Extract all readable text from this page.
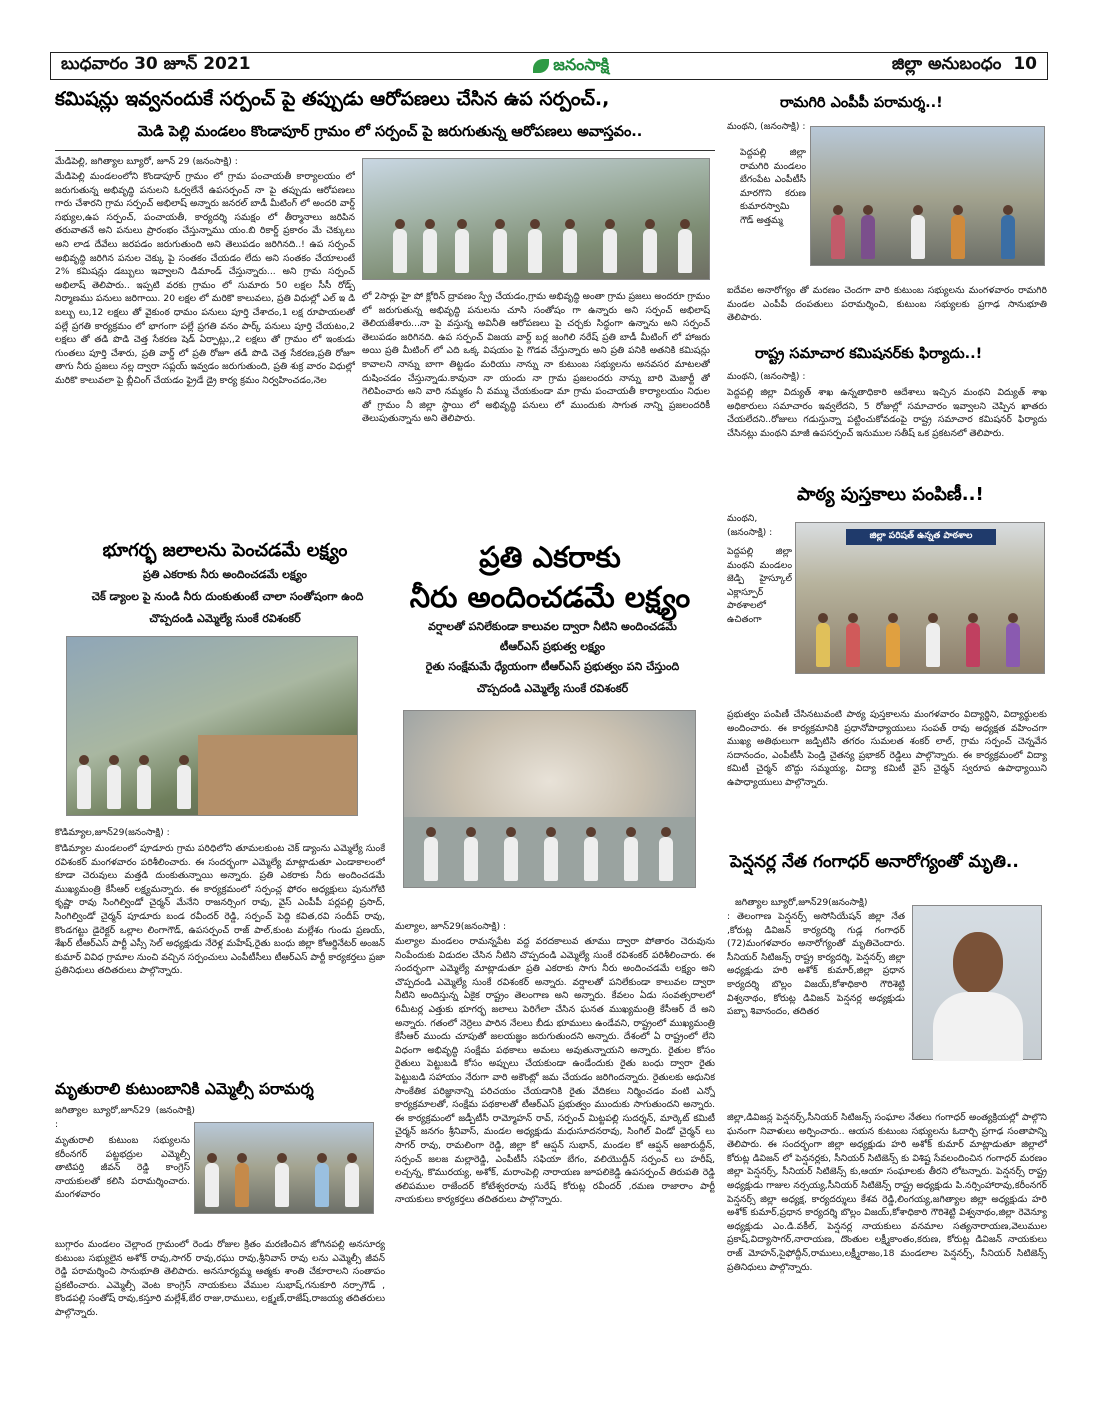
బుధవారం 30 జూన్ 2021	జనంసాక్షి	జిల్లా అనుబంధం 10
కమిషన్లు ఇవ్వనందుకే సర్పంచ్ పై తప్పుడు ఆరోపణలు చేసిన ఉప సర్పంచ్.,
మెడి పెల్లి మండలం కొండాపూర్ గ్రామం లో సర్పంచ్ పై జరుగుతున్న ఆరోపణలు అవాస్తవం..
మేడిపెల్లి, జగిత్యాల బ్యూరో, జూన్ 29 (జనంసాక్షి) :
మేడిపెల్లి మండలంలోని కొండాపూర్ గ్రామం లో గ్రామ పంచాయతీ కార్యాలయం లో జరుగుతున్న అభివృద్ధి పనులని ఓర్వలేనే ఉపసర్పంచ్ నా పై తప్పుడు ఆరోపణలు గారు చేశారని గ్రామ సర్పంచ్ అభిలాష్ అన్నారు జనరల్ బాడీ మీటింగ్ లో అందరి వార్డ్ సభ్యుల,ఉప సర్పంచ్, పంచాయతీ, కార్యదర్శి సమక్షం లో తీర్మానాలు జరిపిన తరువాతనే అని పనులు ప్రారంభం చేస్తున్నాము యం.బి రికార్డ్ ప్రకారం మే చెక్కులు అని లాడ దేవేలు జరపడం జరుగుతుంది అని తెలుపడం జరిగినది..! ఉప సర్పంచ్ అభివృద్ధి జరిగిన పనుల చెక్కు పై సంతకం చేయడం లేదు అని సంతకం చేయాలంటే 2% కమిషన్లు డబ్బులు ఇవ్వాలని డిమాండ్ చేస్తున్నారు... అని గ్రామ సర్పంచ్ అభిలాష్ తెలిపారు.. ఇప్పటి వరకు గ్రామం లో సుమారు 50 లక్షల సీసీ రోడ్స్ నిర్మాణము పనులు జరిగాయి. 20 లక్షల లో మరికొ కాలువలు, ప్రతి విధుల్లో ఎల్ ఇ డి బల్బు లు,12 లక్షలు తో వైకుంఠ ధామం పనులు పూర్తి చేశాదం,1 లక్ష రూపాయలతో పల్లే ప్రగతి కార్యక్రమం లో భాగంగా పల్లే ప్రగతి వనం పార్క్ పనులు పూర్తి చేయటం,2 లక్షలు తో తడి పొడి చెత్త సేకరణ షెడ్ ఏర్పాట్లు,,2 లక్షలు తో గ్రామం లో ఇంకుడు గుంతలు పూర్తి చేశారు, ప్రతి వార్డ్ లో ప్రతి రోజూ తడీ పొడి చెత్త సేకరణ,ప్రతి రోజూ తాగు నీరు ప్రజలు నల్ల ద్వారా సప్లయ్ ఇవ్వడం జరుగుతుంది, ప్రతి శుక్ర వారం విధుల్లో మరికొ కాలువలా పై బ్లీచింగ్ చేయడం ఫ్రైడే డ్రై కార్య క్రమం నిర్వహించడం,నెల
లో 2సార్లు హై పో క్లోరిన్ ద్రావణం స్ప్రే చేయడం,గ్రామ అభివృద్ధి అంతా గ్రామ ప్రజలు అందరూ గ్రామం లో జరుగుతున్న అభివృద్ధి పనులను చూసి సంతోషం గా ఉన్నారు అని సర్పంచ్ అభిలాష్ తెలియజేశారు...నా పై వస్తున్న అవినీతి ఆరోపణలు పై చర్చకు సిద్ధంగా ఉన్నాను అని సర్పంచ్ తెలుపడం జరిగినది. ఉప సర్పంచ్ విజయ వార్ద్ బర్ల జంగిలి నరేష్ ప్రతి బాడీ మీటింగ్ లో హాజరు అయి ప్రతి మీటింగ్ లో ఎది ఒక్క విషయం పై గొడవ చేస్తున్నారు అని ప్రతి పనికి అతనికి కమిషన్లు కావాలని నాన్ను బాగా తిట్టడం మరియు నాన్ను నా కుటుంబ సభ్యులను అనవసర మాటలతో దుషించడం చేస్తున్నాడు.కావునా నా యందు నా గ్రామ ప్రజలందరు నాన్ను బారి మెజార్టీ తో గెలిపించారు అని వారి నమ్మకం నీ వమ్ము చేయకుండా మా గ్రామ పంచాయతీ కార్యాలయం నిధుల తో గ్రామం నీ జిల్లా స్థాయి లో అభివృద్ధి పనులు లో ముందుకు సాగుత నాన్ని ప్రజలందరికీ తెలుపుతున్నాను అని తెలిపారు.
రామగిరి ఎంపీపీ పరామర్శ..!
మంథని, (జనంసాక్షి) :
పెద్దపల్లి జిల్లా రామగిరి మండలం బేగంపేట ఎంపీటీసీ మారగొని కరుణ కుమారస్వామి గౌడ్ అత్తమ్మ
ఐదేవల అనారోగ్యం తో మరణం చెందగా వారి కుటుంబ సభ్యులను మంగళవారం రామగిరి మండల ఎంపీపీ దంపతులు పరామర్శించి, కుటుంబ సభ్యులకు ప్రగాఢ సానుభూతి తెలిపారు.
రాష్ట్ర సమాచార కమిషనర్‌కు ఫిర్యాదు..!
మంథని, (జనంసాక్షి) :
పెద్దపల్లి జిల్లా విద్యుత్ శాఖ ఉన్నతాధికారి ఆదేశాలు ఇచ్చిన మంథని విద్యుత్ శాఖ అధికారులు సమాచారం ఇవ్వలేదని, 5 రోజుల్లో సమాచారం ఇవ్వాలని చెప్పిన ఖాతరు చేయలేదని..రోజులు గడుస్తున్నా పట్టించుకోవడంపై రాష్ట్ర సమాచార కమిషనర్ ఫిర్యాదు చేసినట్లు మంథని మాజీ ఉపసర్పంచ్ ఇనుముల సతీష్ ఒక ప్రకటనలో తెలిపారు.
పాఠ్య పుస్తకాలు పంపిణీ..!
మంథని, (జనంసాక్షి) :
పెద్దపల్లి జిల్లా మంథని మండలం జెడ్పి హైస్కూల్ ఎక్లాస్పూర్ పాఠశాలలో ఉచితంగా
జిల్లా పరిషత్ ఉన్నత పాఠశాల
ప్రభుత్వం పంపిణీ చేసినటువంటి పాఠ్య పుస్తకాలను మంగళవారం విద్యార్థిని, విద్యార్థులకు అందించారు. ఈ కార్యక్రమానికి ప్రధానోపాధ్యాయులు సంపత్ రావు అధ్యక్షత వహించగా ముఖ్య అతిథులుగా జడ్పిటిసి తగరం సుమలత శంకర్ లాల్, గ్రామ సర్పంచ్ చెన్నవేన సదానందం, ఎంపీటీసీ పెండ్రి చైతన్య ప్రభాకర్ రెడ్డిలు పాల్గొన్నారు. ఈ కార్యక్రమంలో విద్యా కమిటీ చైర్మన్ బొద్దు సమ్మయ్య, విద్యా కమిటీ వైస్ చైర్మన్ స్వరూప ఉపాధ్యాయిని ఉపాధ్యాయులు పాల్గొన్నారు.
భూగర్భ జలాలను పెంచడమే లక్ష్యం
ప్రతి ఎకరాకు నీరు అందించడమే లక్ష్యం
చెక్ డ్యాంల పై నుండి నీరు దుంకుతుంటే చాలా సంతోషంగా ఉంది
చొప్పదండి ఎమ్మెల్యే సుంకే రవిశంకర్
కొడిమ్యాల,జూన్29(జనంసాక్షి) :
కొడిమ్యాల మండలంలో పూడూరు గ్రామ పరిధిలోని తూమలకుంట చెక్ డ్యాంను ఎమ్మెల్యే సుంకే రవిశంకర్ మంగళవారం పరిశీలించారు. ఈ సందర్భంగా ఎమ్మెల్యే మాట్లాడుతూ ఎండాకాలంలో కూడా చెరువులు మత్తడి దుంకుతున్నాయి అన్నారు. ప్రతి ఎకరాకు నీరు అందించడమే ముఖ్యమంత్రి కేసీఆర్ లక్ష్యమన్నారు. ఈ కార్యక్రమంలో సర్పంచ్ల ఫోరం అధ్యక్షులు పునుగోటి కృష్ణా రావు సింగిల్విండో చైర్మన్ మేనేని రాజనర్సింగ రావు, వైస్ ఎంపీపీ పర్లపల్లి ప్రసాద్, సింగిల్విండో చైర్మన్ పూడూరు బండ రవీందర్ రెడ్డి, సర్పంచ్ పెద్ది కవిత,రవి సందీప్ రావు, కొండగట్టు డైరెక్టర్ ఒల్లాల లింగాగౌడ్, ఉపసర్పంచ్ రాజ్ పాల్,కుంట మల్లేశం గుండు ప్రణయ్, శేఖర్ టీఆర్ఎస్ పార్టీ ఎస్సీ సెల్ అధ్యక్షుడు నేరెళ్ల మహేష్,రైతు బంధు జిల్లా కోఆర్డినేటర్ అంజన్ కుమార్ వివిధ గ్రామాల నుంచి వచ్చిన సర్పంచులు ఎంపీటీసీలు టీఆర్ఎస్ పార్టీ కార్యకర్తలు ప్రజా ప్రతినిధులు తదితరులు పాల్గొన్నారు.
ప్రతి ఎకరాకు
నీరు అందించడమే లక్ష్యం
వర్షాలతో పనిలేకుండా కాలువల ద్వారా నీటిని అందించడమే
టీఆర్ఎస్ ప్రభుత్వ లక్ష్యం
రైతు సంక్షేమమే ధ్యేయంగా టీఆర్ఎస్ ప్రభుత్వం పని చేస్తుంది
చొప్పదండి ఎమ్మెల్యే సుంకే రవిశంకర్
మల్యాల, జూన్29(జనంసాక్షి) :
మల్యాల మండలం రామన్నపేట వద్ద వరదకాలువ తూము ద్వారా పోతారం చెరువును నింపేందుకు విడుదల చేసిన నీటిని చొప్పదండి ఎమ్మెల్యే సుంకే రవిశంకర్ పరిశీలించారు. ఈ సందర్భంగా ఎమ్మెల్యే మాట్లాడుతూ ప్రతి ఎకరాకు సాగు నీరు అందించడమే లక్ష్యం అని చొప్పదండి ఎమ్మెల్యే సుంకే రవిశంకర్ అన్నారు. వర్షాలతో పనిలేకుండా కాలువల ద్వారా నీటిని అందిస్తున్న ఏకైక రాష్ట్రం తెలంగాణ అని అన్నారు. కేవలం ఏడు సంవత్సరాలలో 6మీటర్ల ఎత్తుకు భూగర్భ జలాలు పెరిగేలా చేసిన ఘనత ముఖ్యమంత్రి కేసీఆర్ దే అని అన్నారు. గతంలో నెర్రెలు పారిన నేలలు బీడు భూములు ఉండేవని, రాష్ట్రంలో ముఖ్యమంత్రి కేసీఆర్ ముందు చూపుతో జలయజ్ఞం జరుగుతుందని అన్నారు. దేశంలో ఏ రాష్ట్రంలో లేని విధంగా అభివృద్ధి సంక్షేమ పథకాలు అమలు అవుతున్నాయని అన్నారు. రైతుల కోసం రైతులు పెట్టుబడి కోసం అప్పులు చేయకుండా ఉండేందుకు రైతు బంధు ద్వారా రైతు పెట్టుబడి సహాయం నేరుగా వారి అకౌంట్లో జమ చేయడం జరిగిందన్నారు. రైతులకు ఆధునిక సాంకేతిక పరిజ్ఞానాన్ని పరిచయం చేయడానికి రైతు వేదికలు నిర్మించడం వంటి ఎన్నో కార్యక్రమాలతో, సంక్షేమ పథకాలతో టీఆర్ఎస్ ప్రభుత్వం ముందుకు సాగుతుందని అన్నారు. ఈ కార్యక్రమంలో జడ్పీటీసీ రామ్మోహన్ రావ్, సర్పంచ్ మిట్టపల్లి సుదర్శన్, మార్కెట్ కమిటీ చైర్మన్ జనగం శ్రీనివాస్, మండల అధ్యక్షుడు మధుసూదనరావు, సింగిల్ విండో చైర్మన్ లు సాగర్ రావు, రామలింగా రెడ్డి, జిల్లా కో ఆప్షన్ సుభాన్, మండల కో ఆప్షన్ అజారుద్దీన్, సర్పంచ్ జలజ మల్లారెడ్డి, ఎంపీటీసీ సఫియా బేగం, వలియొద్దీన్ సర్పంచ్ లు హరీష్, లచ్చన్న, కొమురయ్య, అశోక్, మరాంపెల్లి నారాయణ జూపలికెడ్డి ఉపసర్పంచ్ తిరుపతి రెడ్డి తలిపముల రాజేందర్ కోటేశ్వరరావు సురేష్ కోరుట్ల రవీందర్ ,రమణ రాజారాం పార్టీ నాయకులు కార్యకర్తలు తదితరులు పాల్గొన్నారు.
మృతురాలి కుటుంబానికి ఎమ్మెల్సీ పరామర్శ
జగిత్యాల బ్యూరో,జూన్29 (జనంసాక్షి) :
మృతురాలి కుటుంబ సభ్యులను కరీంనగర్ పట్టభద్రుల ఎమ్మెల్సీ తాటిపర్తి జీవన్ రెడ్డి కాంగ్రెస్ నాయకులతో కలిసి పరామర్శించారు. మంగళవారం
బుగ్గారం మండలం చెల్లాంద గ్రామంలో రెండు రోజుల క్రితం మరణించిన జోగినపల్లి అనసూర్య కుటుంబ సభ్యులైన అశోక్ రావు,సాగర్ రావు,రఘు రావు,శ్రీనివాస్ రావు లను ఎమ్మెల్సీ జీవన్ రెడ్డి పరామర్శించి సానుభూతి తెలిపారు. అనసూర్యమ్మ ఆత్మకు శాంతి చేకూరాలని సంతాపం ప్రకటించారు. ఎమ్మెల్సీ వెంట కాంగ్రెస్ నాయకులు వేముల సుభాష్,గనుకూరి నర్సాగౌడ్ , కొండపల్లి సంతోష్ రావు,కస్తూరి మల్లేశ్,బేర రాజు,రాములు, లక్ష్మణ్,రాజేష్,రాజయ్య తదితరులు పాల్గొన్నారు.
పెన్షనర్ల నేత గంగాధర్ అనారోగ్యంతో మృతి..
జగిత్యాల బ్యూరో,జూన్29(జనంసాక్షి)
: తెలంగాణ పెన్షనర్స్ అసోసియేషన్ జిల్లా నేత ,కోరుట్ల డివిజన్ కార్యదర్శి గుడ్ల గంగాధర్ (72)మంగళవారం అనారోగ్యంతో మృతిచెందారు. సీనియర్ సిటిజన్స్ రాష్ట్ర కార్యదర్శి, పెన్షనర్స్ జిల్లా అధ్యక్షుడు హరి అశోక్ కుమార్,జిల్లా ప్రధాన కార్యదర్శి బొల్లం విజయ్,కోశాధికారి గౌరిశెట్టి విశ్వనాథం, కోరుట్ల డివిజన్ పెన్షనర్ల అధ్యక్షుడు పబ్బా శివానందం, తదితర
జిల్లా,డివిజన్ల పెన్షనర్స్,సీనియర్ సిటిజన్స్ సంఘాల నేతలు గంగాధర్ అంత్యక్రియల్లో పాల్గొని ఘనంగా నివాళులు అర్పించారు.. ఆయన కుటుంబ సభ్యులను ఓదార్చి ప్రగాఢ సంతాపాన్ని తెలిపారు. ఈ సందర్భంగా జిల్లా అధ్యక్షుడు హరి అశోక్ కుమార్ మాట్లాడుతూ జిల్లాలో కోరుట్ల డివిజన్ లో పెన్షనర్లకు, సీనియర్ సిటిజెన్స్ కు విశిష్ట సేవలందించిన గంగాధర్ మరణం జిల్లా పెన్షనర్స్, సీనియర్ సిటిజెన్స్ కు,ఆయా సంఘాలకు తీరని లోటన్నారు. పెన్షనర్స్ రాష్ట్ర అధ్యక్షుడు గాజుల నర్సయ్య,సీనియర్ సిటిజెన్స్ రాష్ట్ర అధ్యక్షుడు పి.నర్సింహారావు,కరీంనగర్ పెన్షనర్స్ జిల్లా అధ్యక్ష, కార్యదర్శులు కేశవ రెడ్డి,లింగయ్య,జగిత్యాల జిల్లా అధ్యక్షుడు హరి అశోక్ కుమార్,ప్రధాన కార్యదర్శి బొల్లం విజయ్,కోశాధికారి గౌరిశెట్టి విశ్వనాథం,జిల్లా రెవెన్యూ అధ్యక్షుడు ఎం.డి.వకీల్, పెన్షనర్ల నాయకులు వనమాల సత్యనారాయణ,వెలుముల ప్రకాష్,విద్యాసాగర్,నారాయణ, దొంతుల లక్ష్మీకాంతం,కరుణ, కోరుట్ల డివిజన్ నాయకులు రాజ్ మోహన్,సైఫోద్దీన్,రాములు,లక్ష్మీరాజం,18 మండలాల పెన్షనర్స్, సీనియర్ సిటిజెన్స్ ప్రతినిధులు పాల్గొన్నారు.
